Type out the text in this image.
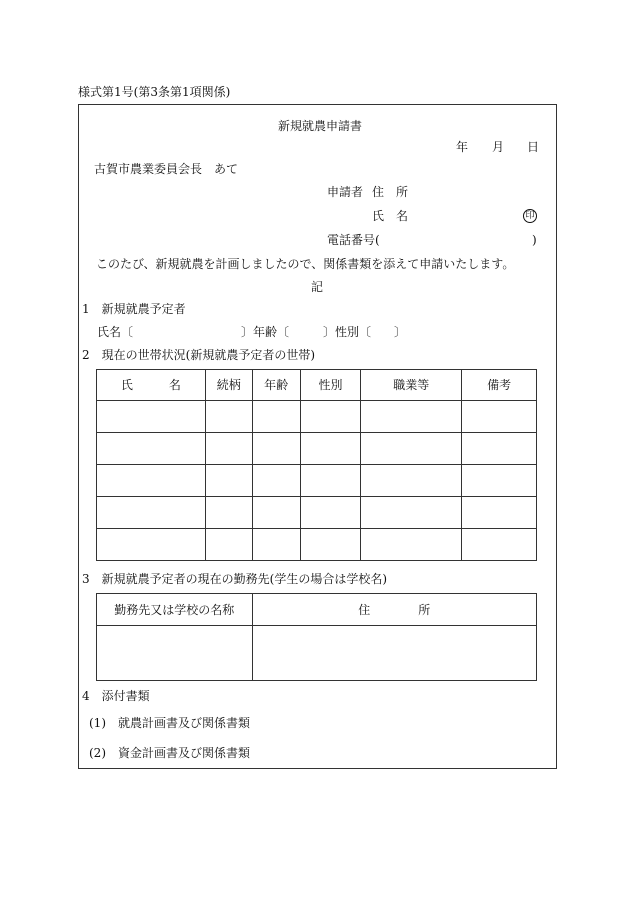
様式第1号(第3条第1項関係)
新規就農申請書
年 月 日
古賀市農業委員会長　あて
申請者 住　所
氏　名	印
電話番号(	)
このたび、新規就農を計画しましたので、関係書類を添えて申請いたします。
記
1　新規就農予定者
氏名〔	〕年齢〔	〕性別〔 〕
2　現在の世帯状況(新規就農予定者の世帯)
氏　　　名	続柄	年齢	性別	職業等	備考

3　新規就農予定者の現在の勤務先(学生の場合は学校名)
勤務先又は学校の名称	住　　　　所

4　添付書類
(1)　就農計画書及び関係書類
(2)　資金計画書及び関係書類
